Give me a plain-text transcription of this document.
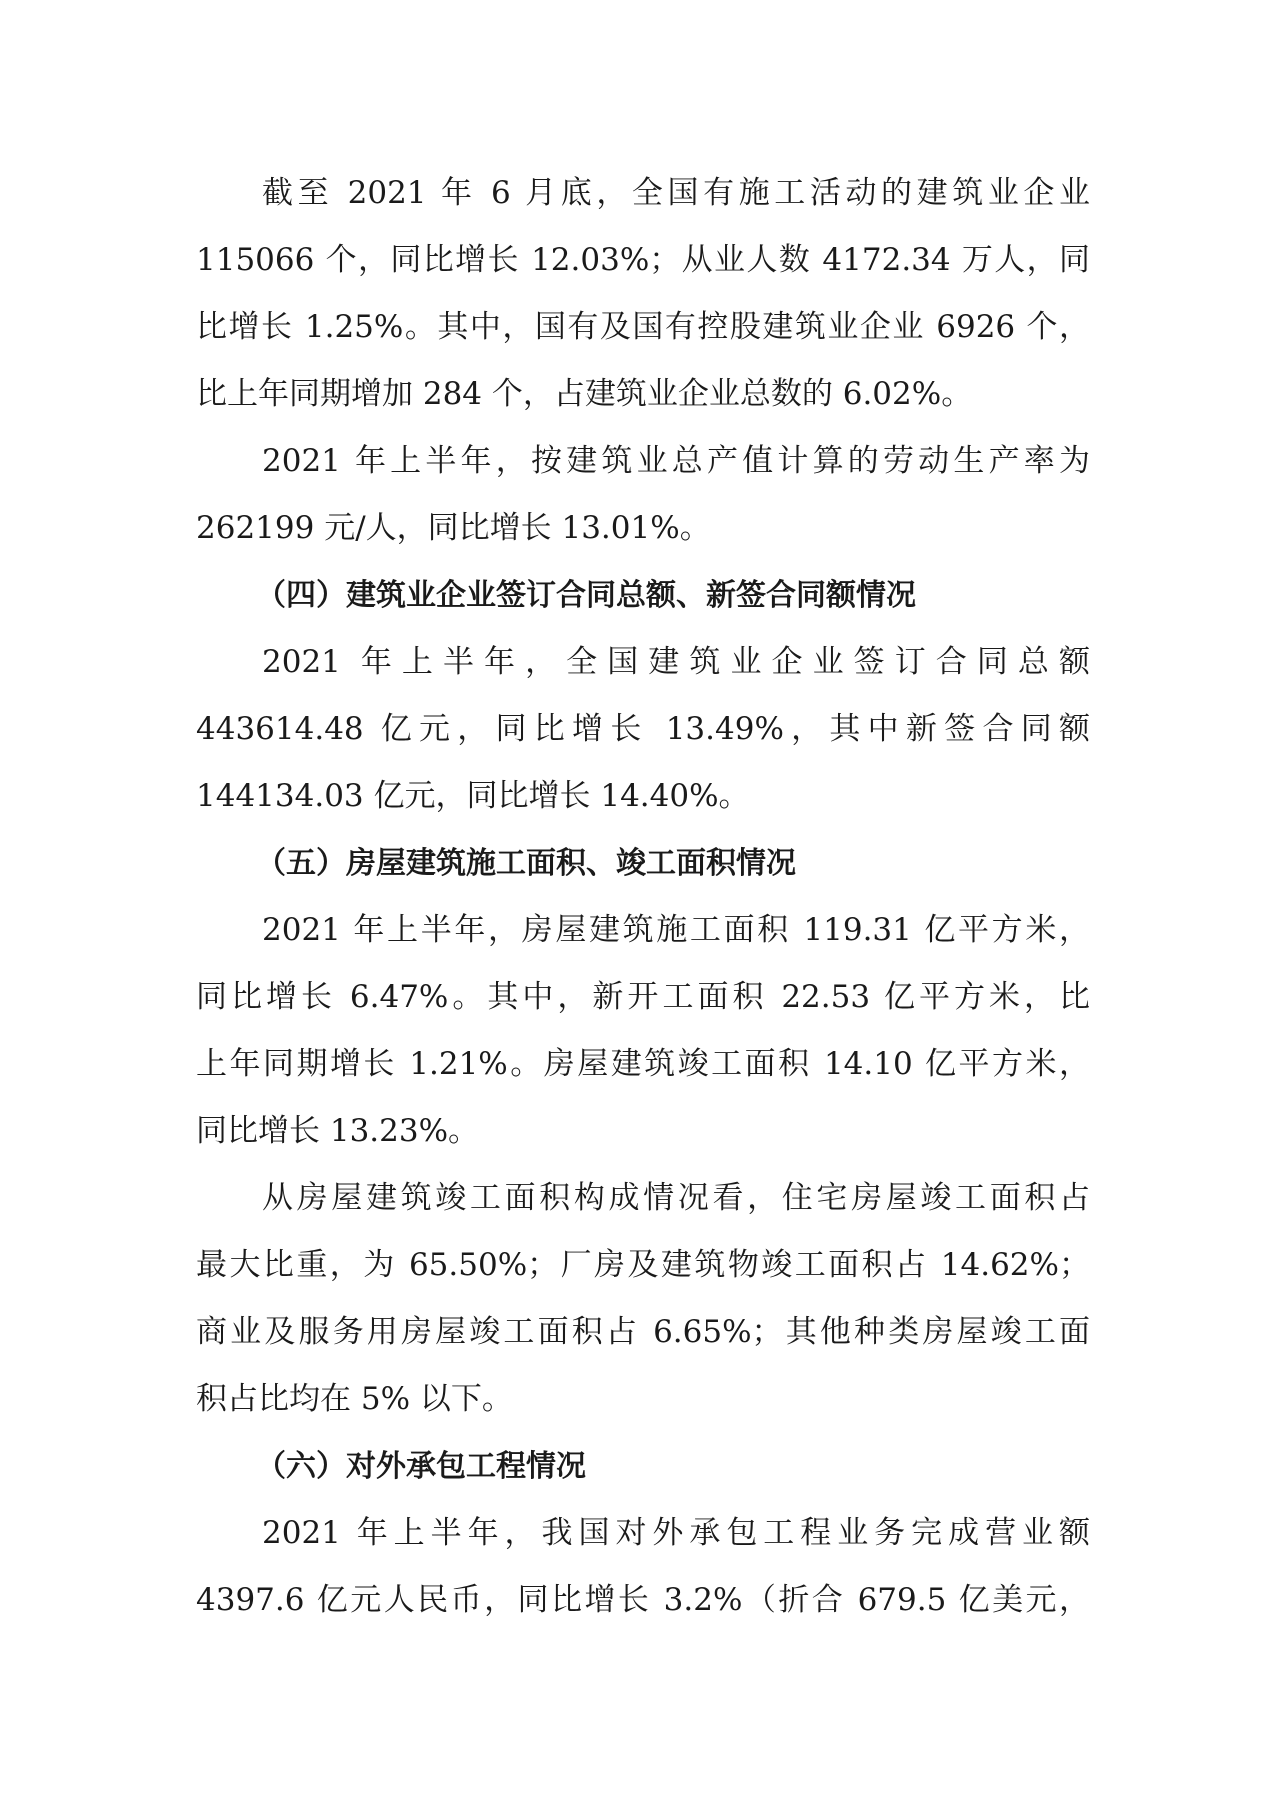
截至 2021 年 6 月底，全国有施工活动的建筑业企业
115066 个，同比增长 12.03%；从业人数 4172.34 万人，同
比增长 1.25%。其中，国有及国有控股建筑业企业 6926 个，
比上年同期增加 284 个，占建筑业企业总数的 6.02%。
2021 年上半年，按建筑业总产值计算的劳动生产率为
262199 元/人，同比增长 13.01%。
（四）建筑业企业签订合同总额、新签合同额情况
2021 年上半年，全国建筑业企业签订合同总额
443614.48 亿元，同比增长 13.49%，其中新签合同额
144134.03 亿元，同比增长 14.40%。
（五）房屋建筑施工面积、竣工面积情况
2021 年上半年，房屋建筑施工面积 119.31 亿平方米，
同比增长 6.47%。其中，新开工面积 22.53 亿平方米，比
上年同期增长 1.21%。房屋建筑竣工面积 14.10 亿平方米，
同比增长 13.23%。
从房屋建筑竣工面积构成情况看，住宅房屋竣工面积占
最大比重，为 65.50%；厂房及建筑物竣工面积占 14.62%；
商业及服务用房屋竣工面积占 6.65%；其他种类房屋竣工面
积占比均在 5% 以下。
（六）对外承包工程情况
2021 年上半年，我国对外承包工程业务完成营业额
4397.6 亿元人民币，同比增长 3.2%（折合 679.5 亿美元，
